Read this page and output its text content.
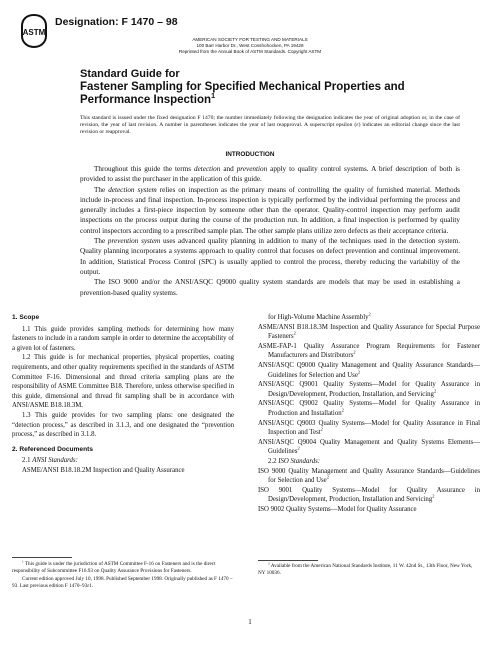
ASTM
Designation: F 1470 – 98
AMERICAN SOCIETY FOR TESTING AND MATERIALS
100 Barr Harbor Dr., West Conshohocken, PA 19428
Reprinted from the Annual Book of ASTM Standards. Copyright ASTM
Standard Guide for
Fastener Sampling for Specified Mechanical Properties and
Performance Inspection$^1$
This standard is issued under the fixed designation F 1470; the number immediately following the designation indicates the year of original adoption or, in the case of revision, the year of last revision. A number in parentheses indicates the year of last reapproval. A superscript epsilon (ε) indicates an editorial change since the last revision or reapproval.
INTRODUCTION

Throughout this guide the terms detection and prevention apply to quality control systems. A brief description of both is provided to assist the purchaser in the application of this guide.

The detection system relies on inspection as the primary means of controlling the quality of furnished material. Methods include in-process and final inspection. In-process inspection is typically performed by the individual performing the process and generally includes a first-piece inspection by someone other than the operator. Quality-control inspection may perform audit inspections on the process output during the course of the production run. In addition, a final inspection is performed by quality control inspectors according to a prescribed sample plan. The other sample plans utilize zero defects as their acceptance criteria.

The prevention system uses advanced quality planning in addition to many of the techniques used in the detection system. Quality planning incorporates a systems approach to quality control that focuses on defect prevention and continual improvement. In addition, Statistical Process Control (SPC) is usually applied to control the process, thereby reducing the variability of the output.

The ISO 9000 and/or the ANSI/ASQC Q9000 quality system standards are models that may be used in establishing a prevention-based quality systems.

1. Scope

1.1 This guide provides sampling methods for determining how many fasteners to include in a random sample in order to determine the acceptability of a given lot of fasteners.

1.2 This guide is for mechanical properties, physical properties, coating requirements, and other quality requirements specified in the standards of ASTM Committee F-16. Dimensional and thread criteria sampling plans are the responsibility of ASME Committee B18. Therefore, unless otherwise specified in this guide, dimensional and thread fit sampling shall be in accordance with ANSI/ASME B18.18.3M.

1.3 This guide provides for two sampling plans: one designated the “detection process,” as described in 3.1.3, and one designated the “prevention process,” as described in 3.1.8.

2. Referenced Documents

2.1 ANSI Standards:

ASME/ANSI B18.18.2M Inspection and Quality Assurance

$^1$ This guide is under the jurisdiction of ASTM Committee F-16 on Fasteners and is the direct responsibility of Subcommittee F16.93 on Quality Assurance Provisions for Fasteners.

Current edition approved July 10, 1998. Published September 1998. Originally published as F 1470 – 93. Last previous edition F 1470–93ε1.

for High-Volume Machine Assembly$^2$

ASME/ANSI B18.18.3M Inspection and Quality Assurance for Special Purpose Fasteners$^2$

ASME-FAP-1 Quality Assurance Program Requirements for Fastener Manufacturers and Distributors$^2$

ANSI/ASQC Q9000 Quality Management and Quality Assurance Standards—Guidelines for Selection and Use$^2$

ANSI/ASQC Q9001 Quality Systems—Model for Quality Assurance in Design/Development, Production, Installation, and Servicing$^2$

ANSI/ASQC Q9002 Quality Systems—Model for Quality Assurance in Production and Installation$^2$

ANSI/ASQC Q9003 Quality Systems—Model for Quality Assurance in Final Inspection and Test$^2$

ANSI/ASQC Q9004 Quality Management and Quality Systems Elements—Guidelines$^2$

2.2 ISO Standards:

ISO 9000 Quality Management and Quality Assurance Standards—Guidelines for Selection and Use$^2$

ISO 9001 Quality Systems—Model for Quality Assurance in Design/Development, Production, Installation and Servicing$^2$

ISO 9002 Quality Systems—Model for Quality Assurance

$^2$ Available from the American National Standards Institute, 11 W. 42nd St., 13th Floor, New York, NY 10036.

1
